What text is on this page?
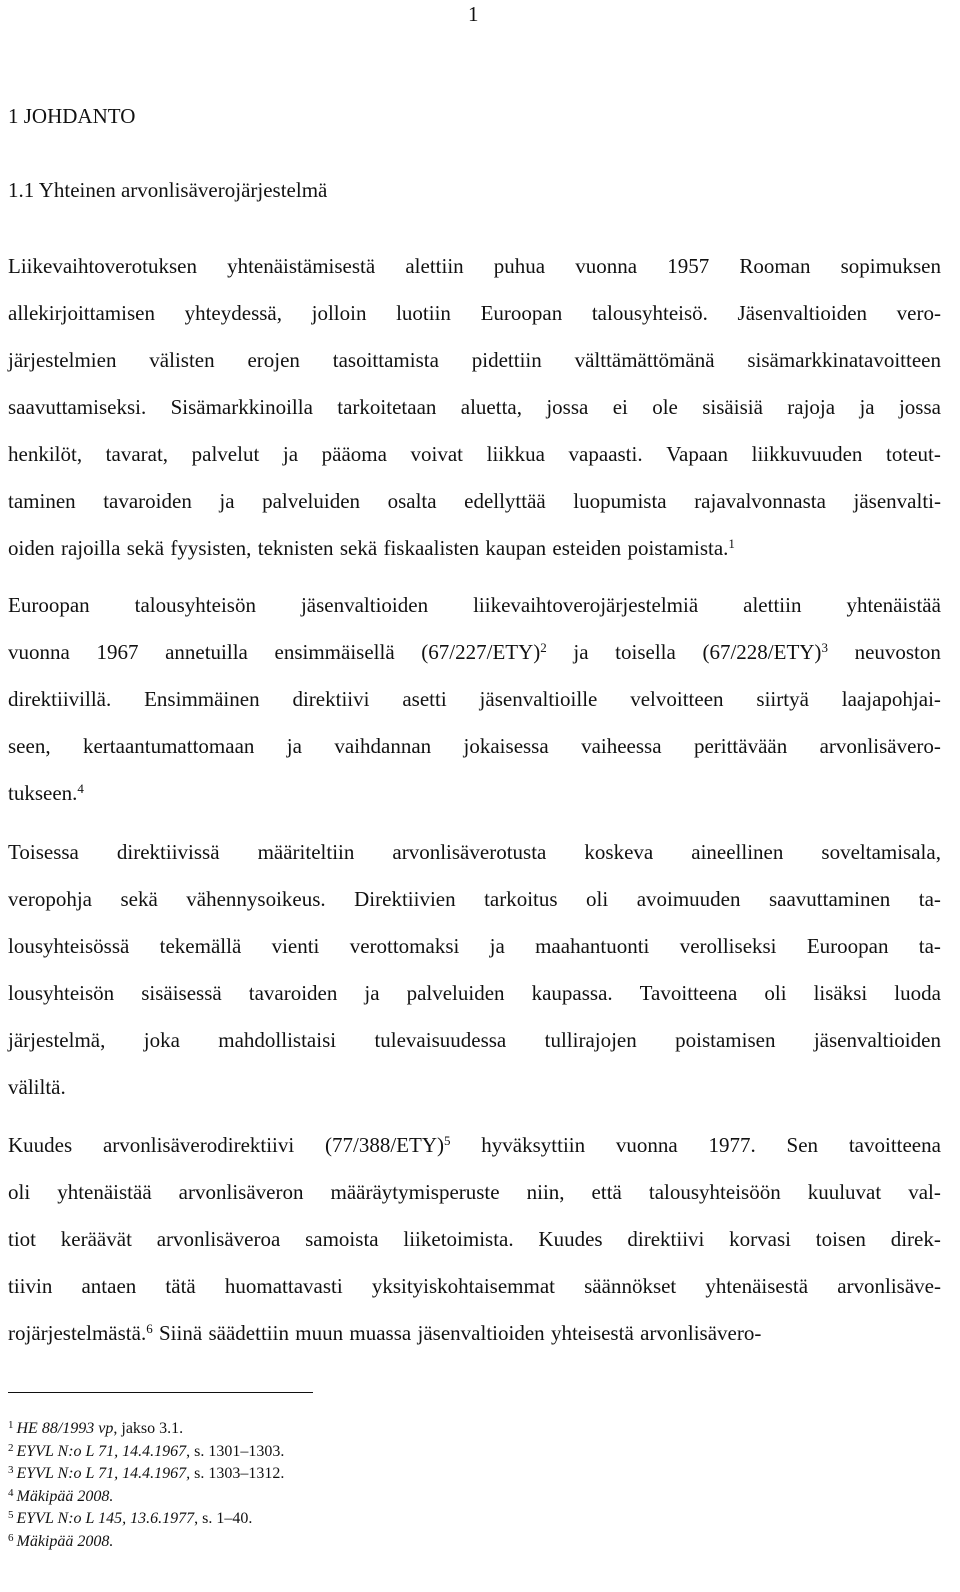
1
1 JOHDANTO
1.1 Yhteinen arvonlisäverojärjestelmä
Liikevaihtoverotuksen yhtenäistämisestä alettiin puhua vuonna 1957 Rooman sopimuksen
allekirjoittamisen yhteydessä, jolloin luotiin Euroopan talousyhteisö. Jäsenvaltioiden vero-
järjestelmien välisten erojen tasoittamista pidettiin välttämättömänä sisämarkkinatavoitteen
saavuttamiseksi. Sisämarkkinoilla tarkoitetaan aluetta, jossa ei ole sisäisiä rajoja ja jossa
henkilöt, tavarat, palvelut ja pääoma voivat liikkua vapaasti. Vapaan liikkuvuuden toteut-
taminen tavaroiden ja palveluiden osalta edellyttää luopumista rajavalvonnasta jäsenvalti-
oiden rajoilla sekä fyysisten, teknisten sekä fiskaalisten kaupan esteiden poistamista.$^1$
Euroopan talousyhteisön jäsenvaltioiden liikevaihtoverojärjestelmiä alettiin yhtenäistää
vuonna 1967 annetuilla ensimmäisellä $(67/227/ETY)^2$ ja toisella $(67/228/ETY)^3$ neuvoston
direktiivillä. Ensimmäinen direktiivi asetti jäsenvaltioille velvoitteen siirtyä laajapohjai-
seen, kertaantumattomaan ja vaihdannan jokaisessa vaiheessa perittävään arvonlisävero-
tukseen.$^4$
Toisessa direktiivissä määriteltiin arvonlisäverotusta koskeva aineellinen soveltamisala,
veropohja sekä vähennysoikeus. Direktiivien tarkoitus oli avoimuuden saavuttaminen ta-
lousyhteisössä tekemällä vienti verottomaksi ja maahantuonti verolliseksi Euroopan ta-
lousyhteisön sisäisessä tavaroiden ja palveluiden kaupassa. Tavoitteena oli lisäksi luoda
järjestelmä, joka mahdollistaisi tulevaisuudessa tullirajojen poistamisen jäsenvaltioiden
väliltä.
Kuudes arvonlisäverodirektiivi $(77/388/ETY)^5$ hyväksyttiin vuonna 1977. Sen tavoitteena
oli yhtenäistää arvonlisäveron määräytymisperuste niin, että talousyhteisöön kuuluvat val-
tiot keräävät arvonlisäveroa samoista liiketoimista. Kuudes direktiivi korvasi toisen direk-
tiivin antaen tätä huomattavasti yksityiskohtaisemmat säännökset yhtenäisestä arvonlisäve-
rojärjestelmästä.$^6$ Siinä säädettiin muun muassa jäsenvaltioiden yhteisestä arvonlisävero-
$^1$ HE 88/1993 vp, jakso 3.1.
$^2$ EYVL N:o L 71, 14.4.1967, s. 1301–1303.
$^3$ EYVL N:o L 71, 14.4.1967, s. 1303–1312.
$^4$ Mäkipää 2008.
$^5$ EYVL N:o L 145, 13.6.1977, s. 1–40.
$^6$ Mäkipää 2008.
